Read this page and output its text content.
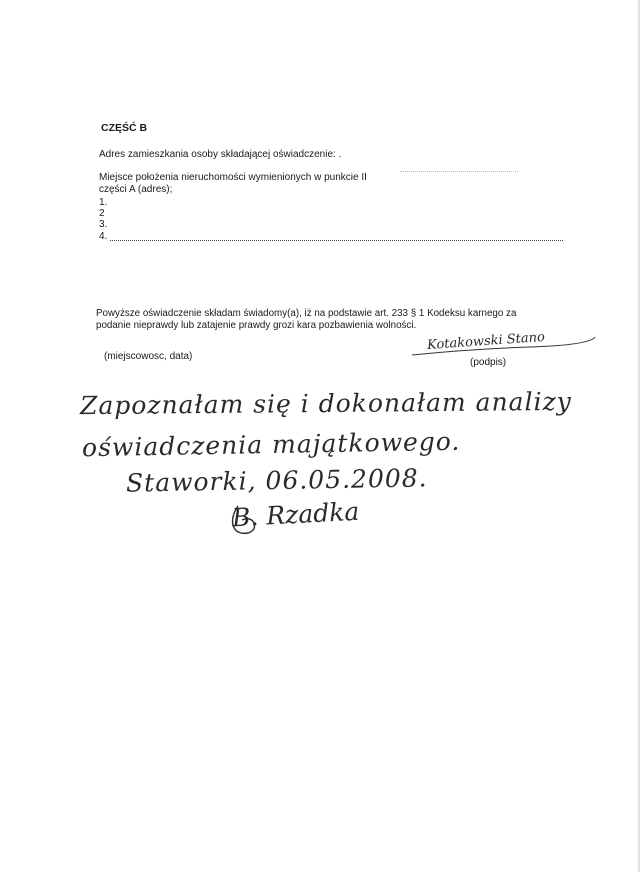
CZĘŚĆ B
Adres zamieszkania osoby składającej oświadczenie: .
Miejsce położenia nieruchomości wymienionych w punkcie II
części A (adres);
1.
2
3.
4.
Powyższe oświadczenie składam świadomy(a), iż na podstawie art. 233 § 1 Kodeksu karnego za
podanie nieprawdy lub zatajenie prawdy grozi kara pozbawienia wolności.
(miejscowosc, data)
(podpis)
Kotakowski Stano
Zapoznałam się i dokonałam analizy
oświadczenia majątkowego.
Staworki, 06.05.2008.
B. Rzadka
